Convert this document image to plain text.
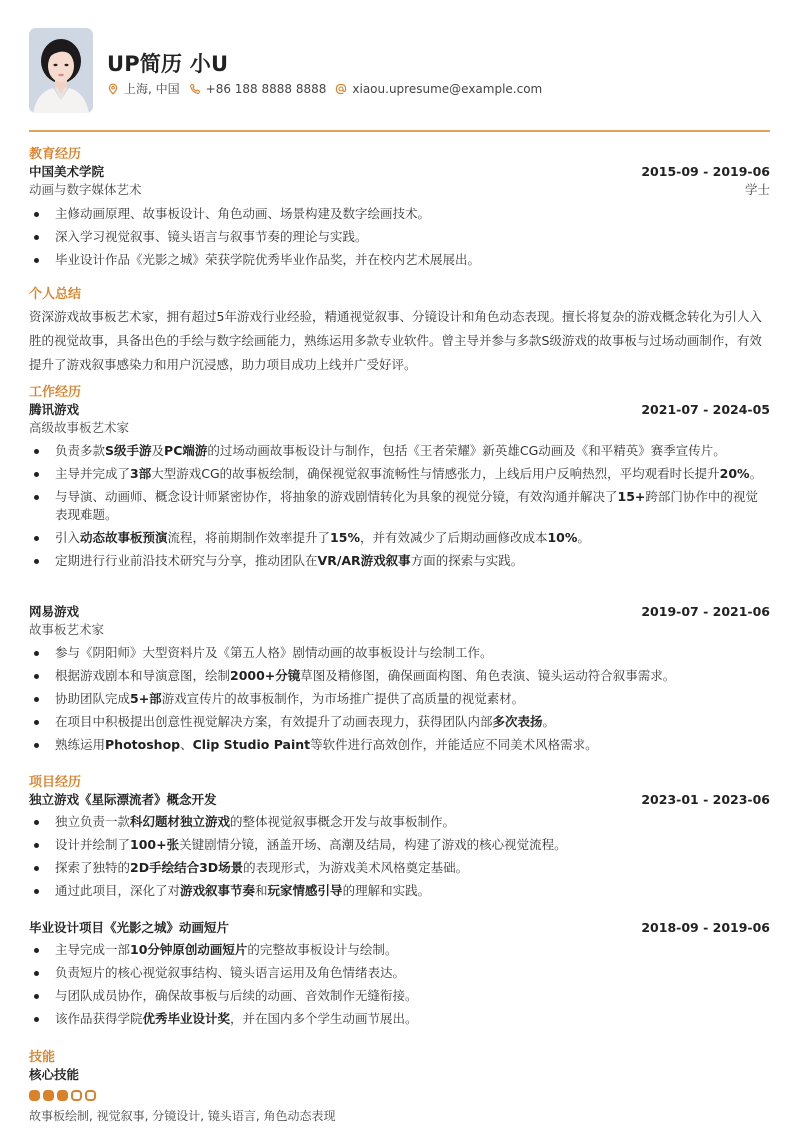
UP简历 小U
上海, 中国 +86 188 8888 8888 xiaou.upresume@example.com
教育经历
中国美术学院	2015-09 - 2019-06
动画与数字媒体艺术	学士
主修动画原理、故事板设计、角色动画、场景构建及数字绘画技术。
深入学习视觉叙事、镜头语言与叙事节奏的理论与实践。
毕业设计作品《光影之城》荣获学院优秀毕业作品奖，并在校内艺术展展出。
个人总结
资深游戏故事板艺术家，拥有超过5年游戏行业经验，精通视觉叙事、分镜设计和角色动态表现。擅长将复杂的游戏概念转化为引人入胜的视觉故事，具备出色的手绘与数字绘画能力，熟练运用多款专业软件。曾主导并参与多款S级游戏的故事板与过场动画制作，有效提升了游戏叙事感染力和用户沉浸感，助力项目成功上线并广受好评。
工作经历
腾讯游戏	2021-07 - 2024-05
高级故事板艺术家
负责多款S级手游及PC端游的过场动画故事板设计与制作，包括《王者荣耀》新英雄CG动画及《和平精英》赛季宣传片。
主导并完成了3部大型游戏CG的故事板绘制，确保视觉叙事流畅性与情感张力，上线后用户反响热烈，平均观看时长提升20%。
与导演、动画师、概念设计师紧密协作，将抽象的游戏剧情转化为具象的视觉分镜，有效沟通并解决了15+跨部门协作中的视觉表现难题。
引入动态故事板预演流程，将前期制作效率提升了15%，并有效减少了后期动画修改成本10%。
定期进行行业前沿技术研究与分享，推动团队在VR/AR游戏叙事方面的探索与实践。
网易游戏	2019-07 - 2021-06
故事板艺术家
参与《阴阳师》大型资料片及《第五人格》剧情动画的故事板设计与绘制工作。
根据游戏剧本和导演意图，绘制2000+分镜草图及精修图，确保画面构图、角色表演、镜头运动符合叙事需求。
协助团队完成5+部游戏宣传片的故事板制作，为市场推广提供了高质量的视觉素材。
在项目中积极提出创意性视觉解决方案，有效提升了动画表现力，获得团队内部多次表扬。
熟练运用Photoshop、Clip Studio Paint等软件进行高效创作，并能适应不同美术风格需求。
项目经历
独立游戏《星际漂流者》概念开发	2023-01 - 2023-06
独立负责一款科幻题材独立游戏的整体视觉叙事概念开发与故事板制作。
设计并绘制了100+张关键剧情分镜，涵盖开场、高潮及结局，构建了游戏的核心视觉流程。
探索了独特的2D手绘结合3D场景的表现形式，为游戏美术风格奠定基础。
通过此项目，深化了对游戏叙事节奏和玩家情感引导的理解和实践。
毕业设计项目《光影之城》动画短片	2018-09 - 2019-06
主导完成一部10分钟原创动画短片的完整故事板设计与绘制。
负责短片的核心视觉叙事结构、镜头语言运用及角色情绪表达。
与团队成员协作，确保故事板与后续的动画、音效制作无缝衔接。
该作品获得学院优秀毕业设计奖，并在国内多个学生动画节展出。
技能
核心技能
故事板绘制, 视觉叙事, 分镜设计, 镜头语言, 角色动态表现
